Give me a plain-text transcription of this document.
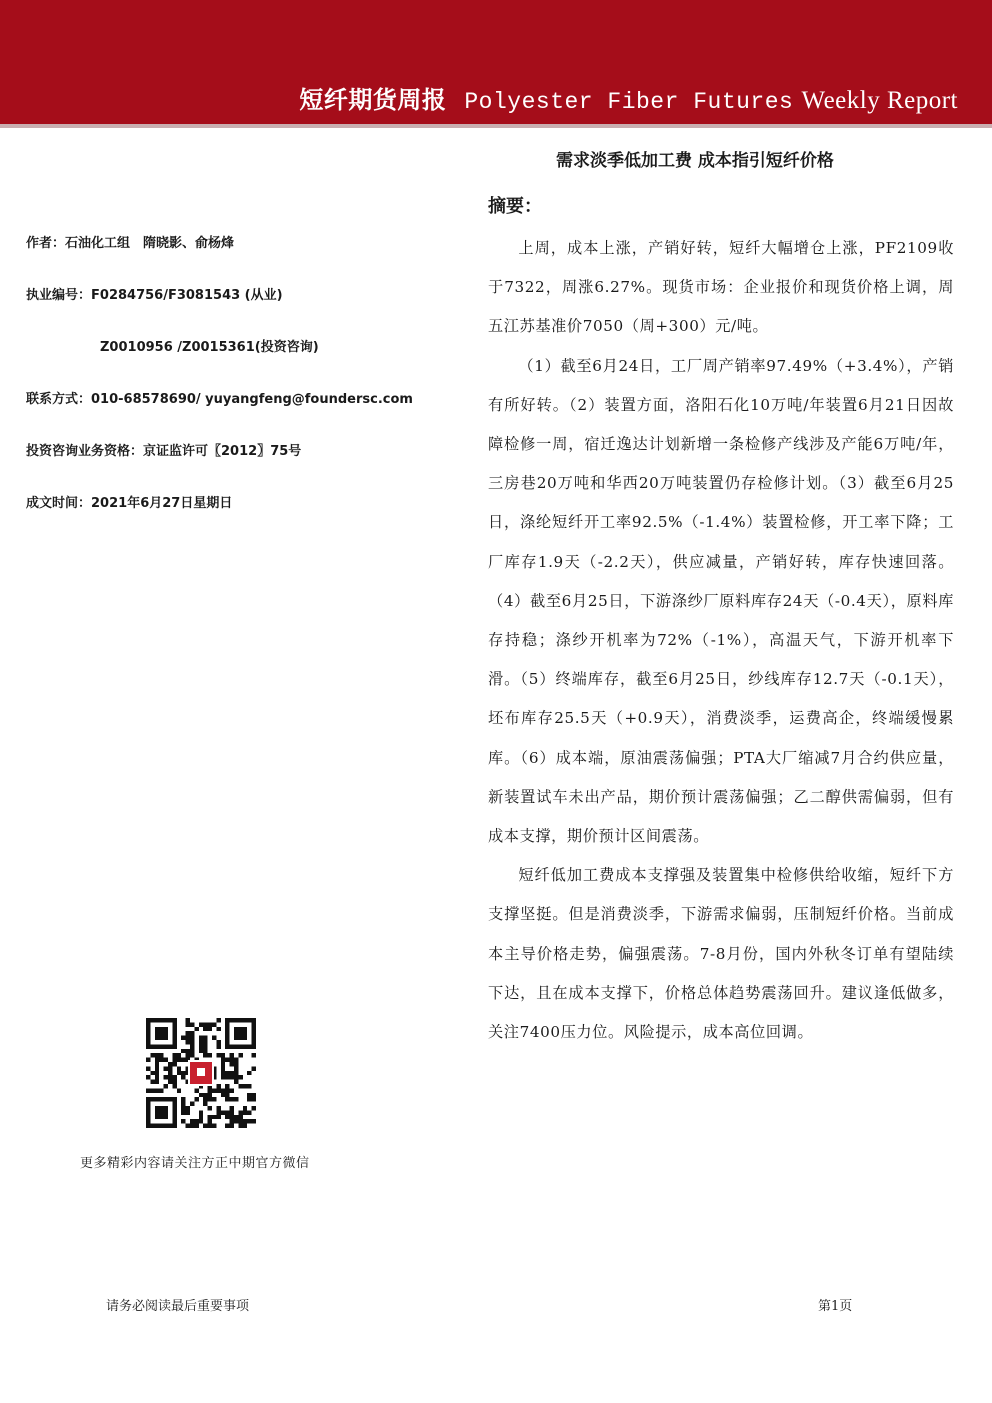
短纤期货周报 Polyester Fiber Futures Weekly Report
作者：石油化工组　隋晓影、俞杨烽
执业编号：F0284756/F3081543 (从业)
Z0010956 /Z0015361(投资咨询)
联系方式：010-68578690/ yuyangfeng@foundersc.com
投资咨询业务资格：京证监许可〖2012〗75号
成文时间：2021年6月27日星期日
更多精彩内容请关注方正中期官方微信
需求淡季低加工费 成本指引短纤价格
摘要：

上周，成本上涨，产销好转，短纤大幅增仓上涨，PF2109收于7322，周涨6.27%。现货市场：企业报价和现货价格上调，周五江苏基准价7050（周+300）元/吨。

（1）截至6月24日，工厂周产销率97.49%（+3.4%），产销有所好转。（2）装置方面，洛阳石化10万吨/年装置6月21日因故障检修一周，宿迁逸达计划新增一条检修产线涉及产能6万吨/年，三房巷20万吨和华西20万吨装置仍存检修计划。（3）截至6月25日，涤纶短纤开工率92.5%（-1.4%）装置检修，开工率下降；工厂库存1.9天（-2.2天），供应减量，产销好转，库存快速回落。（4）截至6月25日，下游涤纱厂原料库存24天（-0.4天），原料库存持稳；涤纱开机率为72%（-1%），高温天气，下游开机率下滑。（5）终端库存，截至6月25日，纱线库存12.7天（-0.1天），坯布库存25.5天（+0.9天），消费淡季，运费高企，终端缓慢累库。（6）成本端，原油震荡偏强；PTA大厂缩减7月合约供应量，新装置试车未出产品，期价预计震荡偏强；乙二醇供需偏弱，但有成本支撑，期价预计区间震荡。

短纤低加工费成本支撑强及装置集中检修供给收缩，短纤下方支撑坚挺。但是消费淡季，下游需求偏弱，压制短纤价格。当前成本主导价格走势，偏强震荡。7-8月份，国内外秋冬订单有望陆续下达，且在成本支撑下，价格总体趋势震荡回升。建议逢低做多，关注7400压力位。风险提示，成本高位回调。

请务必阅读最后重要事项	第1页
